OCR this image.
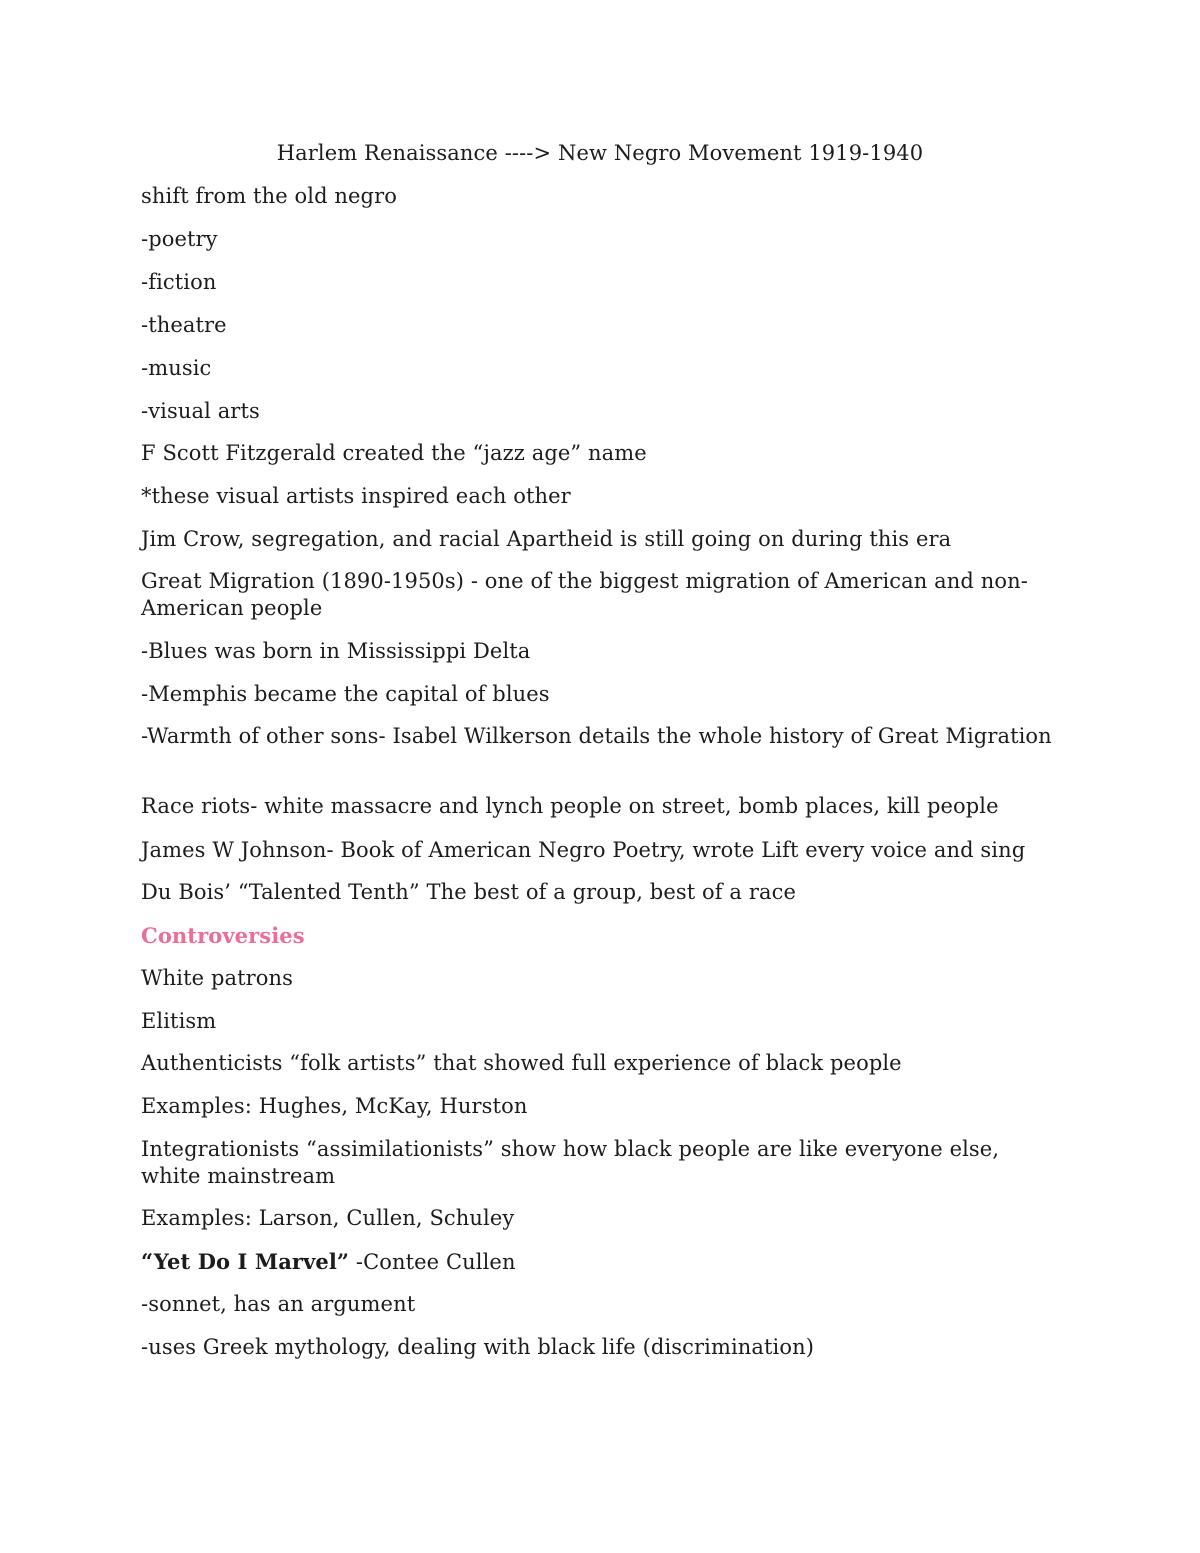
Harlem Renaissance ----> New Negro Movement 1919-1940
shift from the old negro
-poetry
-fiction
-theatre
-music
-visual arts
F Scott Fitzgerald created the “jazz age” name
*these visual artists inspired each other
Jim Crow, segregation, and racial Apartheid is still going on during this era
Great Migration (1890-1950s) - one of the biggest migration of American and non-American people
-Blues was born in Mississippi Delta
-Memphis became the capital of blues
-Warmth of other sons- Isabel Wilkerson details the whole history of Great Migration
Race riots- white massacre and lynch people on street, bomb places, kill people
James W Johnson- Book of American Negro Poetry, wrote Lift every voice and sing
Du Bois’ “Talented Tenth” The best of a group, best of a race
Controversies
White patrons
Elitism
Authenticists “folk artists” that showed full experience of black people
Examples: Hughes, McKay, Hurston
Integrationists “assimilationists” show how black people are like everyone else, white mainstream
Examples: Larson, Cullen, Schuley
“Yet Do I Marvel” -Contee Cullen
-sonnet, has an argument
-uses Greek mythology, dealing with black life (discrimination)
